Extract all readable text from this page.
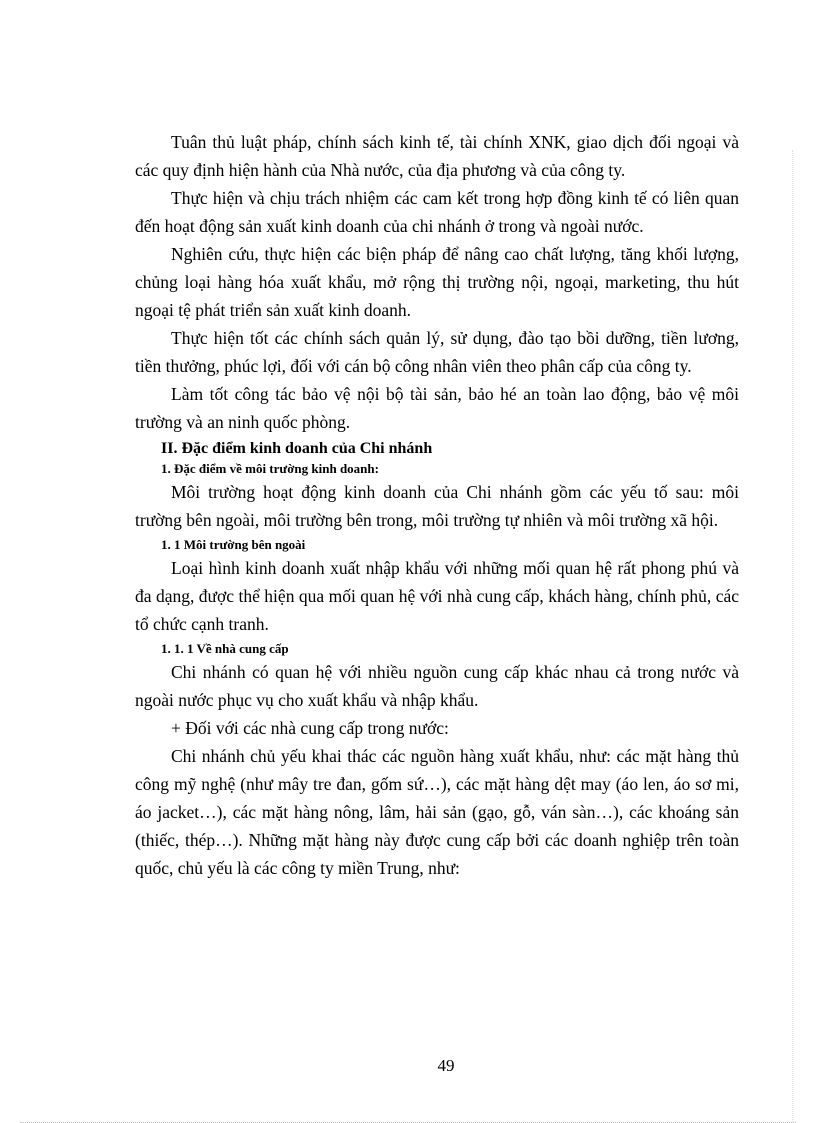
Tuân thủ luật pháp, chính sách kinh tế, tài chính XNK, giao dịch đối ngoại và các quy định hiện hành của Nhà nước, của địa phương và của công ty.

Thực hiện và chịu trách nhiệm các cam kết trong hợp đồng kinh tế có liên quan đến hoạt động sản xuất kinh doanh của chi nhánh ở trong và ngoài nước.

Nghiên cứu, thực hiện các biện pháp để nâng cao chất lượng, tăng khối lượng, chủng loại hàng hóa xuất khẩu, mở rộng thị trường nội, ngoại, marketing, thu hút ngoại tệ phát triển sản xuất kinh doanh.

Thực hiện tốt các chính sách quản lý, sử dụng, đào tạo bồi dưỡng, tiền lương, tiền thưởng, phúc lợi, đối với cán bộ công nhân viên theo phân cấp của công ty.

Làm tốt công tác bảo vệ nội bộ tài sản, bảo hé an toàn lao động, bảo vệ môi trường và an ninh quốc phòng.

II. Đặc điểm kinh doanh của Chi nhánh
1. Đặc điểm về môi trường kinh doanh:

Môi trường hoạt động kinh doanh của Chi nhánh gồm các yếu tố sau: môi trường bên ngoài, môi trường bên trong, môi trường tự nhiên và môi trường xã hội.

1. 1 Môi trường bên ngoài

Loại hình kinh doanh xuất nhập khẩu với những mối quan hệ rất phong phú và đa dạng, được thể hiện qua mối quan hệ với nhà cung cấp, khách hàng, chính phủ, các tổ chức cạnh tranh.

1. 1. 1 Về nhà cung cấp

Chi nhánh có quan hệ với nhiều nguồn cung cấp khác nhau cả trong nước và ngoài nước phục vụ cho xuất khẩu và nhập khẩu.

+ Đối với các nhà cung cấp trong nước:

Chi nhánh chủ yếu khai thác các nguồn hàng xuất khẩu, như: các mặt hàng thủ công mỹ nghệ (như mây tre đan, gốm sứ…), các mặt hàng dệt may (áo len, áo sơ mi, áo jacket…), các mặt hàng nông, lâm, hải sản (gạo, gỗ, ván sàn…), các khoáng sản (thiếc, thép…). Những mặt hàng này được cung cấp bởi các doanh nghiệp trên toàn quốc, chủ yếu là các công ty miền Trung, như:

49
